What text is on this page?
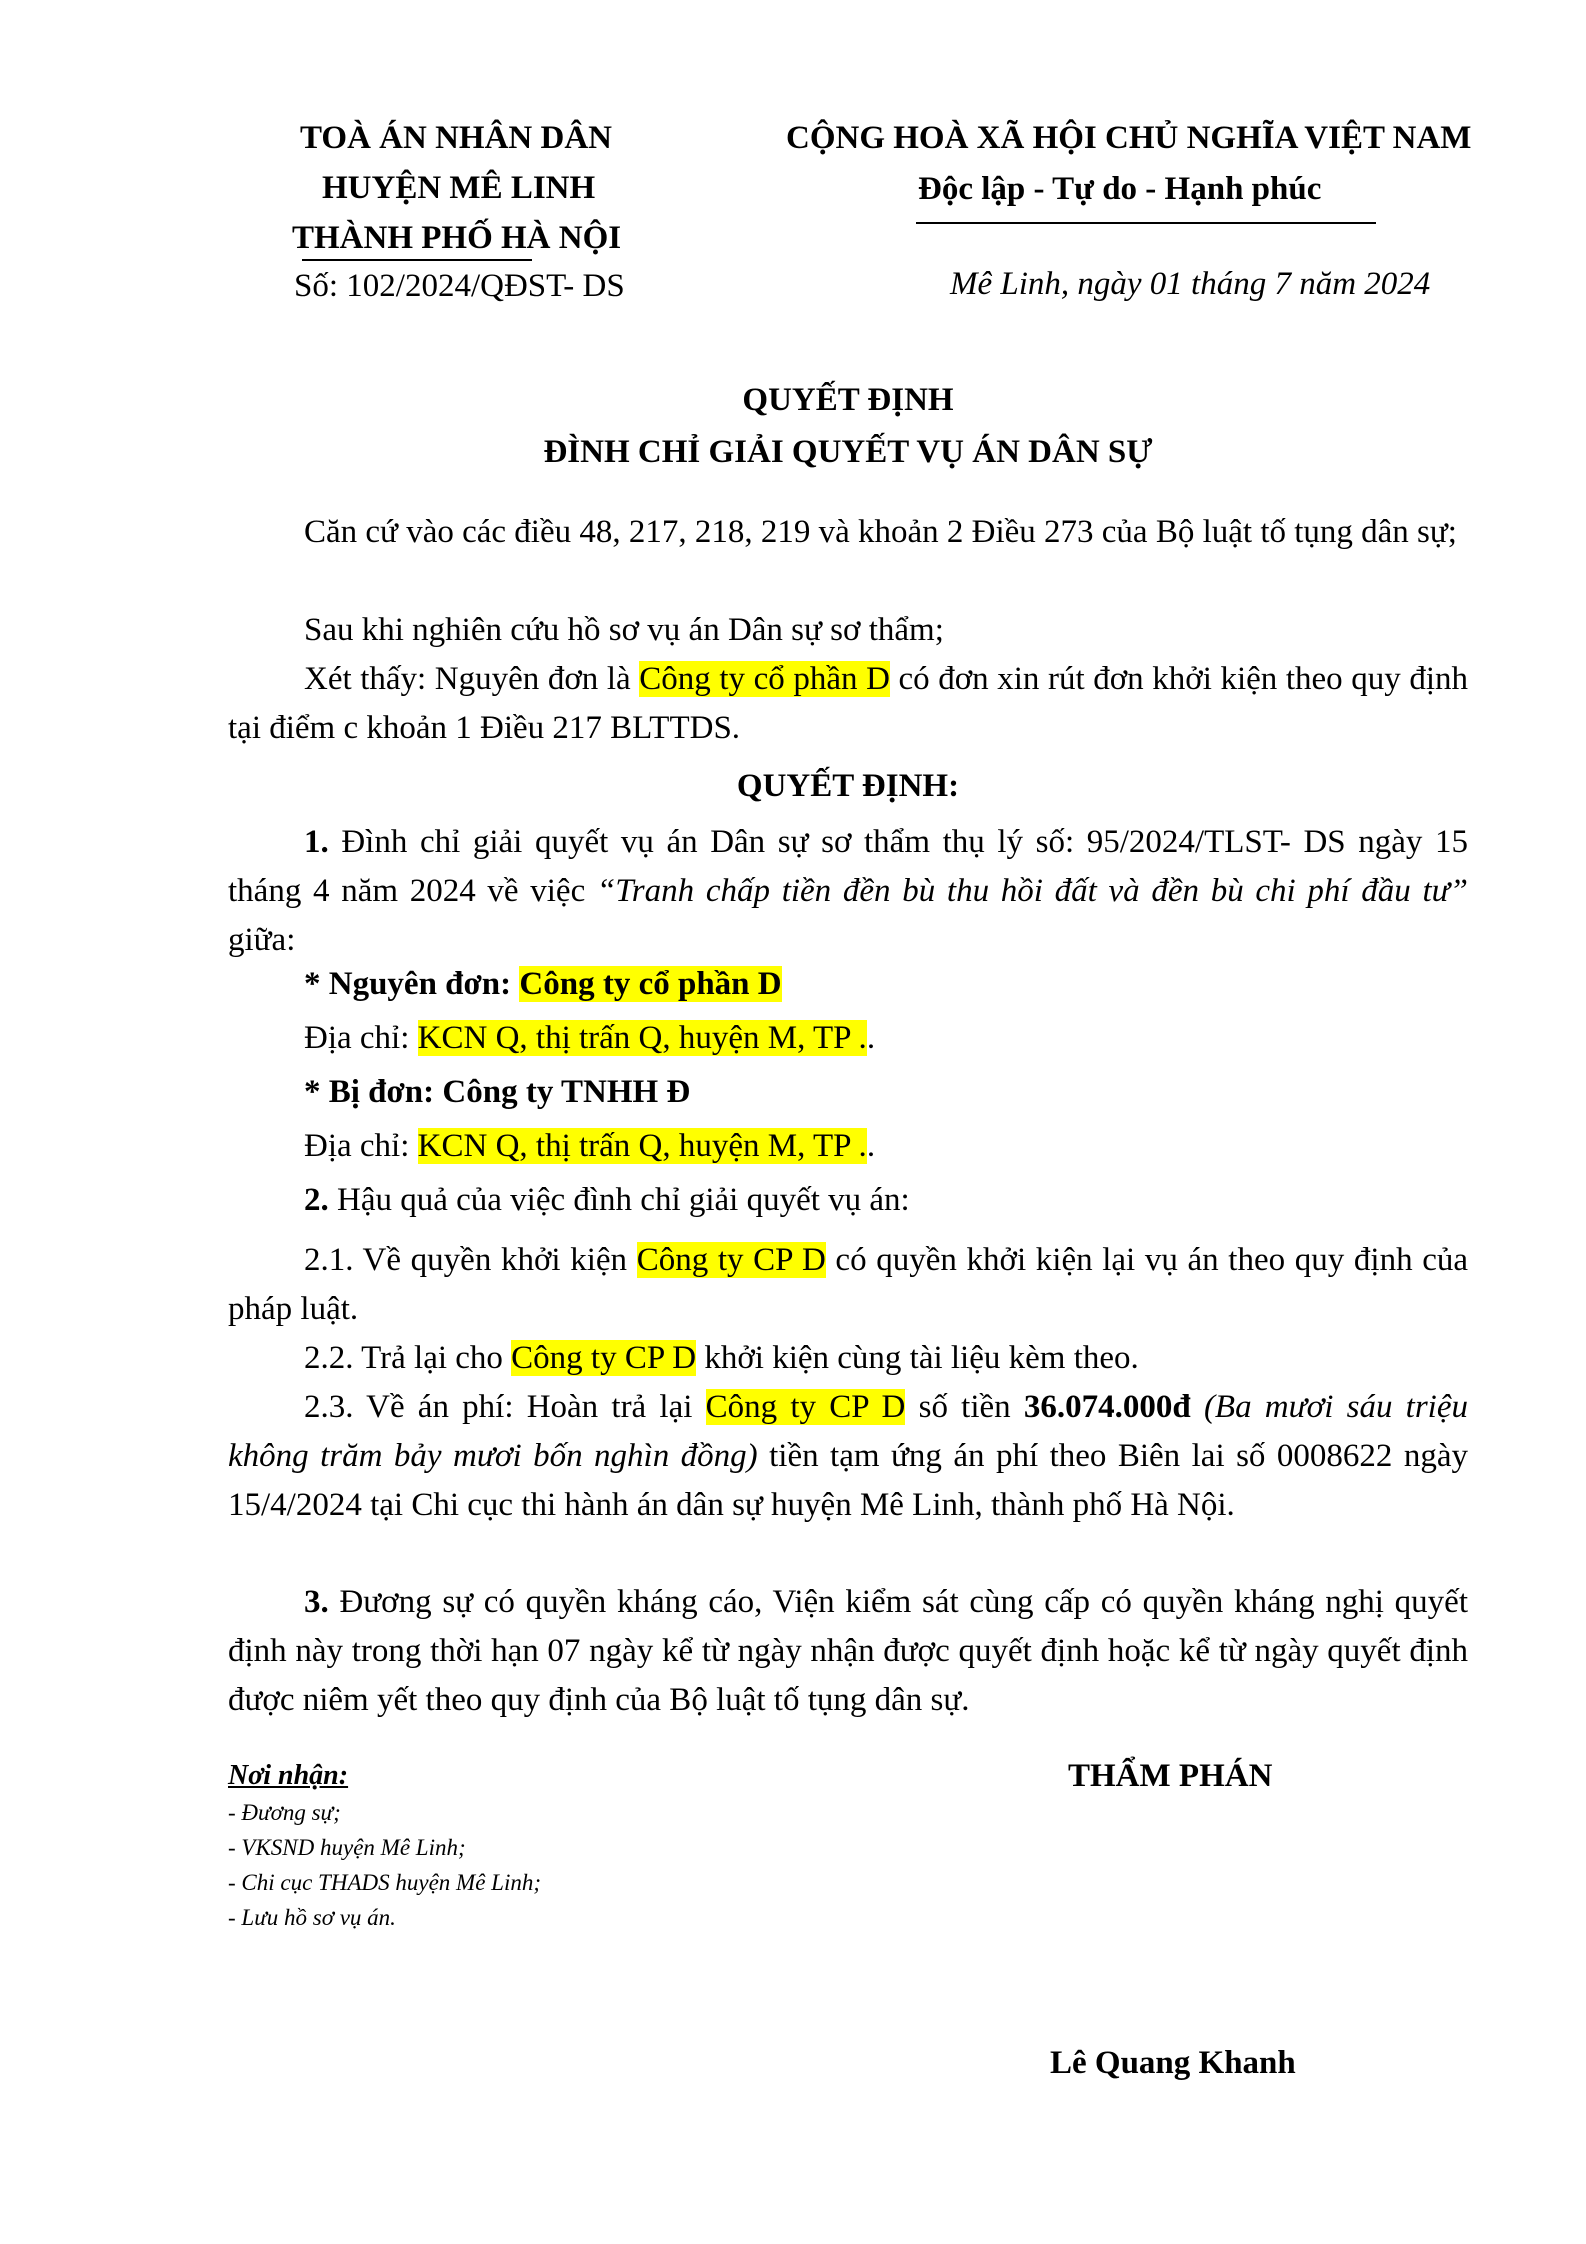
TOÀ ÁN NHÂN DÂN
HUYỆN MÊ LINH
THÀNH PHỐ HÀ NỘI
Số: 102/2024/QĐST- DS
CỘNG HOÀ XÃ HỘI CHỦ NGHĨA VIỆT NAM
Độc lập - Tự do - Hạnh phúc
Mê Linh, ngày 01 tháng 7 năm 2024
QUYẾT ĐỊNH
ĐÌNH CHỈ GIẢI QUYẾT VỤ ÁN DÂN SỰ
Căn cứ vào các điều 48, 217, 218, 219 và khoản 2 Điều 273 của Bộ luật tố tụng dân sự;
Sau khi nghiên cứu hồ sơ vụ án Dân sự sơ thẩm;
Xét thấy: Nguyên đơn là Công ty cổ phần D có đơn xin rút đơn khởi kiện theo quy định tại điểm c khoản 1 Điều 217 BLTTDS.
QUYẾT ĐỊNH:
1. Đình chỉ giải quyết vụ án Dân sự sơ thẩm thụ lý số: 95/2024/TLST- DS ngày 15 tháng 4 năm 2024 về việc “Tranh chấp tiền đền bù thu hồi đất và đền bù chi phí đầu tư” giữa:
* Nguyên đơn: Công ty cổ phần D
Địa chỉ: KCN Q, thị trấn Q, huyện M, TP ..
* Bị đơn: Công ty TNHH Đ
Địa chỉ: KCN Q, thị trấn Q, huyện M, TP ..
2. Hậu quả của việc đình chỉ giải quyết vụ án:
2.1. Về quyền khởi kiện Công ty CP D có quyền khởi kiện lại vụ án theo quy định của pháp luật.
2.2. Trả lại cho Công ty CP D khởi kiện cùng tài liệu kèm theo.
2.3. Về án phí: Hoàn trả lại Công ty CP D số tiền 36.074.000đ (Ba mươi sáu triệu không trăm bảy mươi bốn nghìn đồng) tiền tạm ứng án phí theo Biên lai số 0008622 ngày 15/4/2024 tại Chi cục thi hành án dân sự huyện Mê Linh, thành phố Hà Nội.
3. Đương sự có quyền kháng cáo, Viện kiểm sát cùng cấp có quyền kháng nghị quyết định này trong thời hạn 07 ngày kể từ ngày nhận được quyết định hoặc kể từ ngày quyết định được niêm yết theo quy định của Bộ luật tố tụng dân sự.
Nơi nhận:
- Đương sự;
- VKSND huyện Mê Linh;
- Chi cục THADS huyện Mê Linh;
- Lưu hồ sơ vụ án.
THẨM PHÁN
Lê Quang Khanh
